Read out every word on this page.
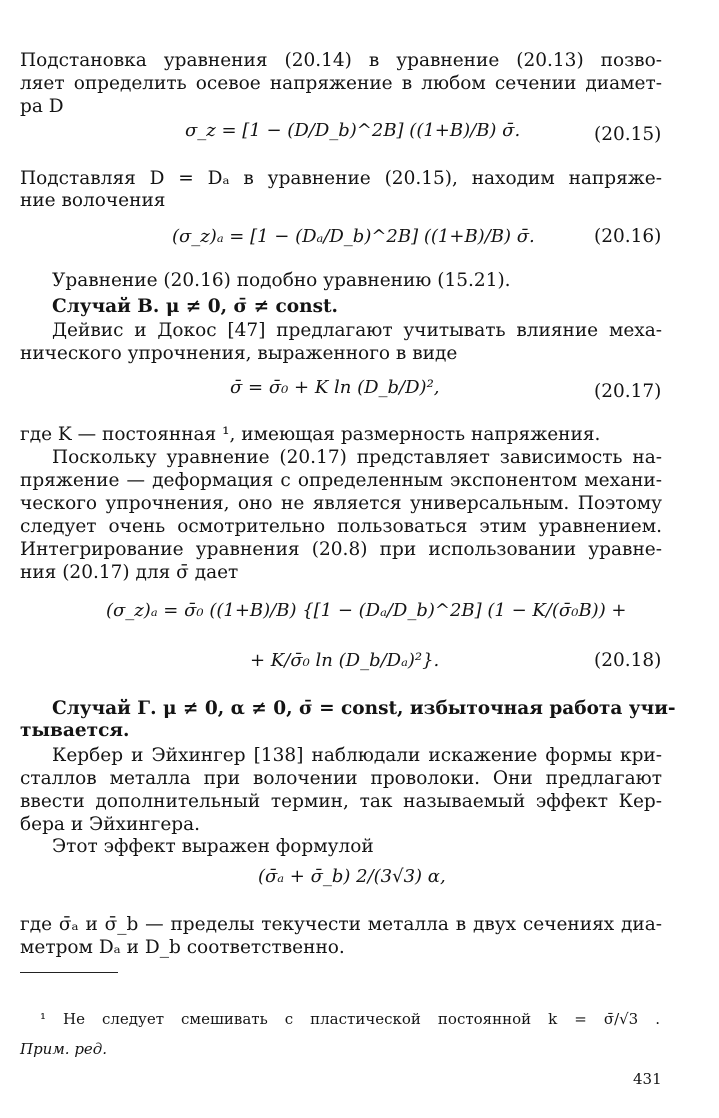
Подстановка уравнения (20.14) в уравнение (20.13) позво-
ляет определить осевое напряжение в любом сечении диамет-
ра D
σ_z = [1 − (D/D_b)^2B] ((1+B)/B) σ̄.	(20.15)
Подставляя D = Dₐ в уравнение (20.15), находим напряже-
ние волочения
(σ_z)ₐ = [1 − (Dₐ/D_b)^2B] ((1+B)/B) σ̄.	(20.16)
Уравнение (20.16) подобно уравнению (15.21).
Случай В. μ ≠ 0, σ̄ ≠ const.
Дейвис и Докос [47] предлагают учитывать влияние меха-
нического упрочнения, выраженного в виде
σ̄ = σ̄₀ + K ln (D_b/D)²,	(20.17)
где K — постоянная ¹, имеющая размерность напряжения.
Поскольку уравнение (20.17) представляет зависимость на-
пряжение — деформация с определенным экспонентом механи-
ческого упрочнения, оно не является универсальным. Поэтому
следует очень осмотрительно пользоваться этим уравнением.
Интегрирование уравнения (20.8) при использовании уравне-
ния (20.17) для σ̄ дает
(σ_z)ₐ = σ̄₀ ((1+B)/B) {[1 − (Dₐ/D_b)^2B] (1 − K/(σ̄₀B)) +
+ K/σ̄₀ ln (D_b/Dₐ)²}.	(20.18)
Случай Г. μ ≠ 0, α ≠ 0, σ̄ = const, избыточная работа учи-
тывается.
Кербер и Эйхингер [138] наблюдали искажение формы кри-
сталлов металла при волочении проволоки. Они предлагают
ввести дополнительный термин, так называемый эффект Кер-
бера и Эйхингера.
Этот эффект выражен формулой
(σ̄ₐ + σ̄_b) 2/(3√3) α,
где σ̄ₐ и σ̄_b — пределы текучести металла в двух сечениях диа-
метром Dₐ и D_b соответственно.
¹ Не следует смешивать с пластической постоянной k = σ̄/√3 .
Прим. ред.
431
